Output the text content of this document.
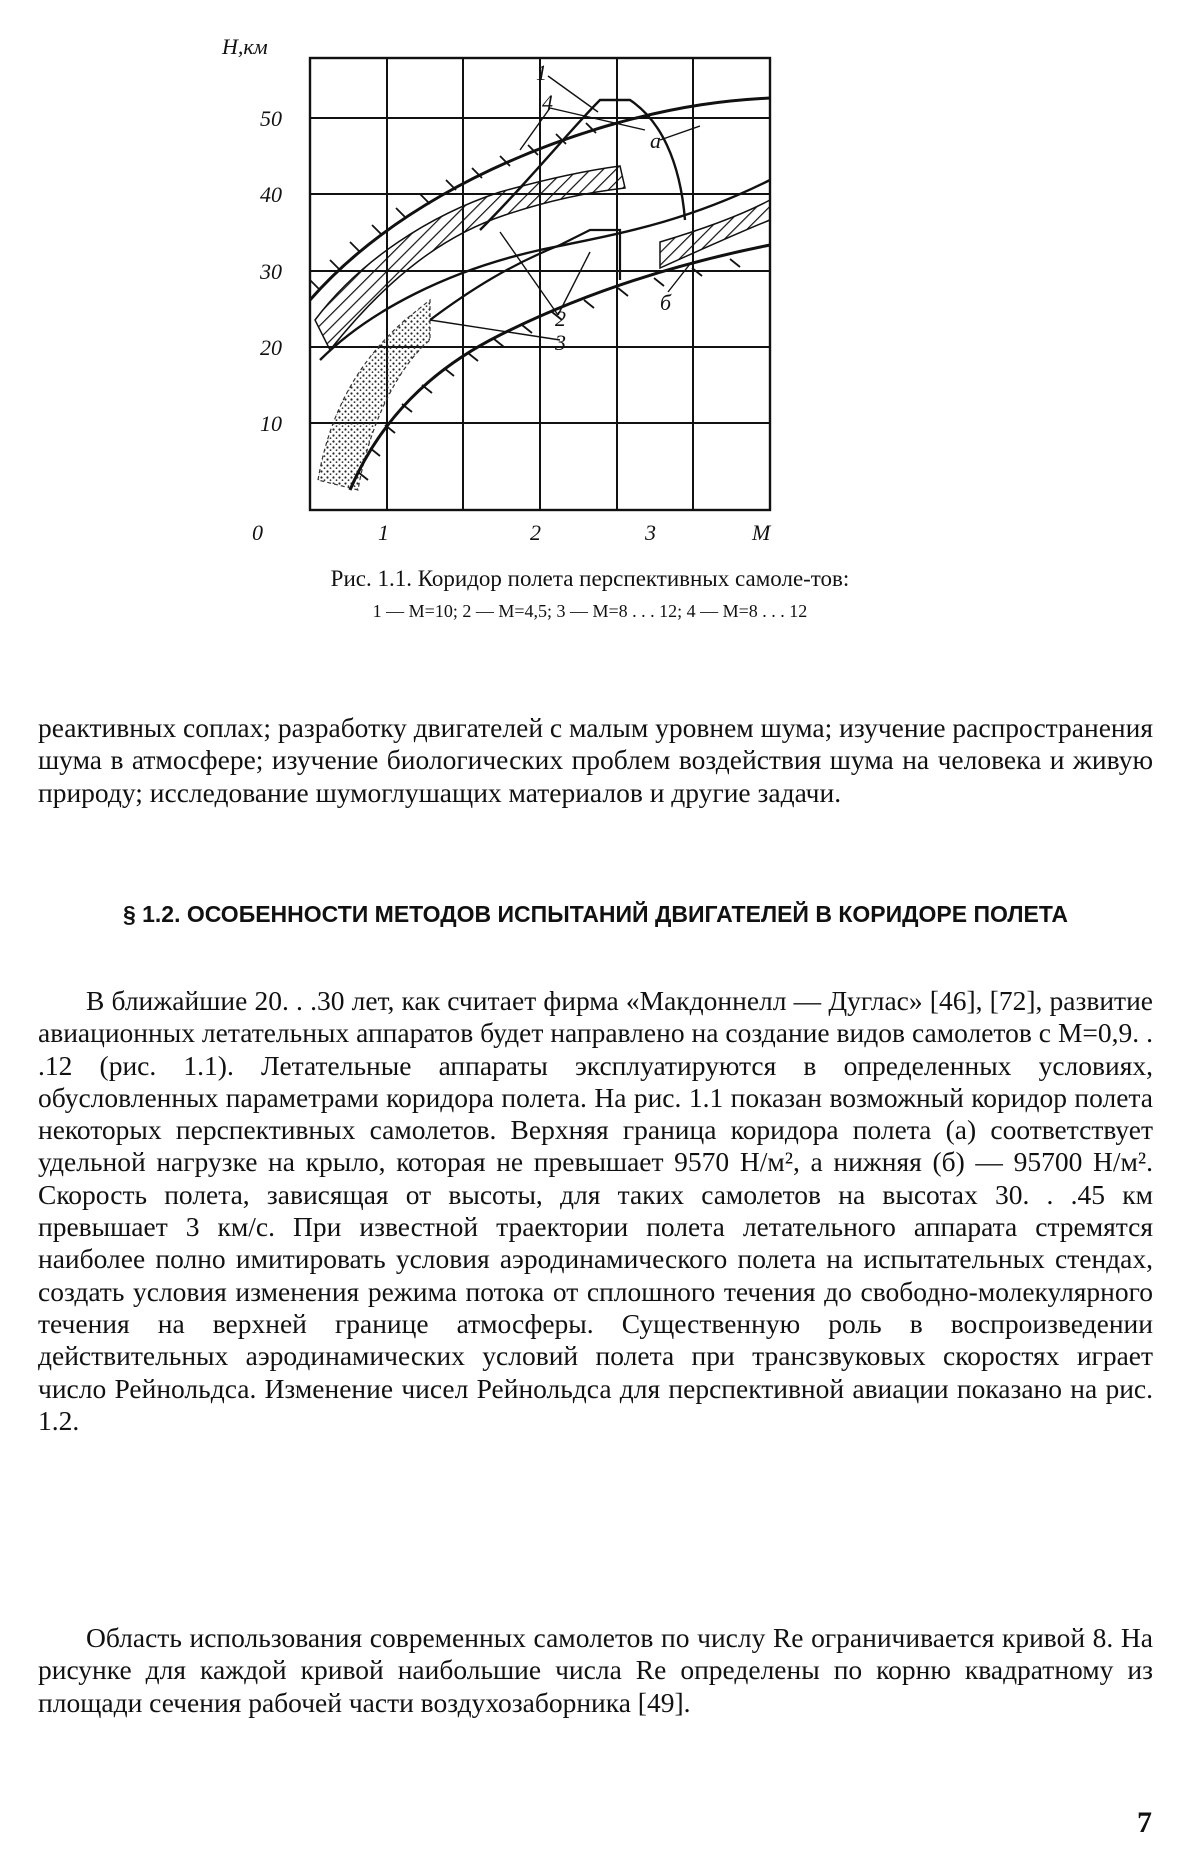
H,км
M
50
40
30
20
10
0	1	2	3
1
4
a
б
2
3
Рис. 1.1. Коридор полета перспективных самоле-тов:
1 — M=10; 2 — M=4,5; 3 — M=8 . . . 12; 4 — M=8 . . . 12

реактивных соплах; разработку двигателей с малым уровнем шума; изучение распространения шума в атмосфере; изучение биологических проблем воздействия шума на человека и живую природу; исследование шумоглушащих материалов и другие задачи.

§ 1.2. ОСОБЕННОСТИ МЕТОДОВ ИСПЫТАНИЙ ДВИГАТЕЛЕЙ В КОРИДОРЕ ПОЛЕТА

В ближайшие 20. . .30 лет, как считает фирма «Макдоннелл — Дуглас» [46], [72], развитие авиационных летательных аппаратов будет направлено на создание видов самолетов с M=0,9. . .12 (рис. 1.1). Летательные аппараты эксплуатируются в определенных условиях, обусловленных параметрами коридора полета. На рис. 1.1 показан возможный коридор полета некоторых перспективных самолетов. Верхняя граница коридора полета (a) соответствует удельной нагрузке на крыло, которая не превышает 9570 Н/м², а нижняя (б) — 95700 Н/м². Скорость полета, зависящая от высоты, для таких самолетов на высотах 30. . .45 км превышает 3 км/с. При известной траектории полета летательного аппарата стремятся наиболее полно имитировать условия аэродинамического полета на испытательных стендах, создать условия изменения режима потока от сплошного течения до свободно-молекулярного течения на верхней границе атмосферы. Существенную роль в воспроизведении действительных аэродинамических условий полета при трансзвуковых скоростях играет число Рейнольдса. Изменение чисел Рейнольдса для перспективной авиации показано на рис. 1.2.

Область использования современных самолетов по числу Re ограничивается кривой 8. На рисунке для каждой кривой наибольшие числа Re определены по корню квадратному из площади сечения рабочей части воздухозаборника [49].

7
